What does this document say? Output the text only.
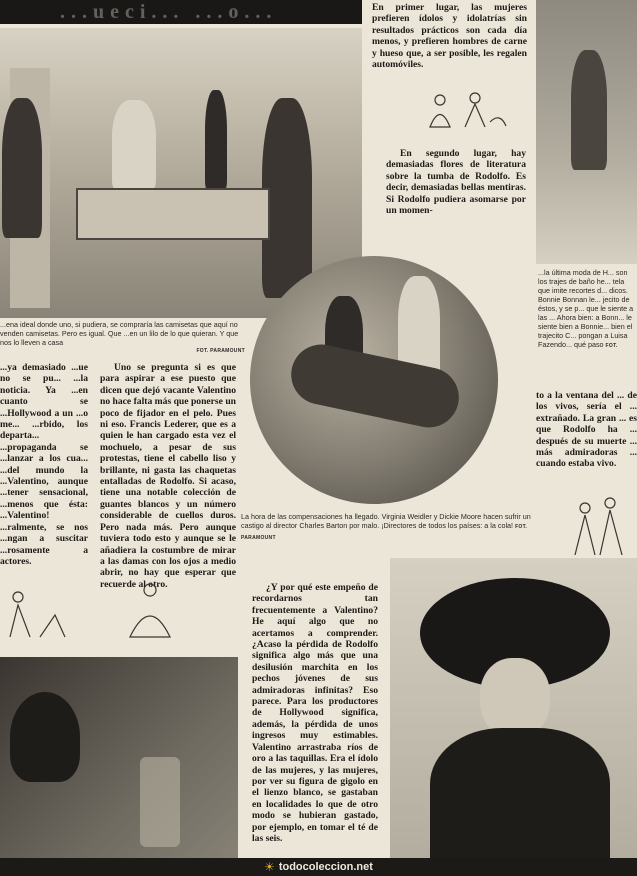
...ueci... ...o...
...ena ideal donde uno, si pudiera, se compraría las camisetas que aquí no venden camisetas. Pero es igual. Que ...en un lilo de lo que quieran. Y que nos lo lleven a casa
FOT. PARAMOUNT
...la última moda de H... son los trajes de baño he... tela que imite recortes d... dicos. Bonnie Bonnan le... jecito de éstos, y se p... que le siente a las ... Ahora bien: a Bonn... le siente bien a Bonnie... bien el trajecito C... pongan a Luisa Fazendo... qué paso FOT.
En primer lugar, las mujeres prefieren ídolos y idolatrías sin resultados prácticos son cada día menos, y prefieren hombres de carne y hueso que, a ser posible, les regalen automóviles.
En segundo lugar, hay demasiadas flores de literatura sobre la tumba de Rodolfo. Es decir, demasiadas bellas mentiras. Si Rodolfo pudiera asomarse por un momen-
La hora de las compensaciones ha llegado. Virginia Weidler y Dickie Moore hacen sufrir un castigo al director Charles Barton por malo. ¡Directores de todos los países: a la cola! FOT. PARAMOUNT
...ya demasiado ...ue no se pu... ...la noticia. Ya ...en cuanto se ...Hollywood a un ...o me... ...rbido, los departa... ...propaganda se ...lanzar a los cua... ...del mundo la ...Valentino, aunque ...tener sensacional, ...menos que ésta: ...Valentino! ...ralmente, se nos ...ngan a suscitar ...rosamente a actores.
Uno se pregunta si es que para aspirar a ese puesto que dicen que dejó vacante Valentino no hace falta más que ponerse un poco de fijador en el pelo. Pues ni eso. Francis Lederer, que es a quien le han cargado esta vez el mochuelo, a pesar de sus protestas, tiene el cabello liso y brillante, ni gasta las chaquetas entalladas de Rodolfo. Si acaso, tiene una notable colección de guantes blancos y un número considerable de cuellos duros. Pero nada más. Pero aunque tuviera todo esto y aunque se le añadiera la costumbre de mirar a las damas con los ojos a medio abrir, no hay que esperar que recuerde al otro.
to a la ventana del ... de los vivos, sería el ... extrañado. La gran ... es que Rodolfo ha ... después de su muerte ... más admiradoras ... cuando estaba vivo.
¿Y por qué este empeño de recordarnos tan frecuentemente a Valentino? He aquí algo que no acertamos a comprender. ¿Acaso la pérdida de Rodolfo significa algo más que una desilusión marchita en los pechos jóvenes de sus admiradoras infinitas? Eso parece. Para los productores de Hollywood significa, además, la pérdida de unos ingresos muy estimables. Valentino arrastraba ríos de oro a las taquillas. Era el ídolo de las mujeres, y las mujeres, por ver su figura de gigolo en el lienzo blanco, se gastaban en localidades lo que de otro modo se hubieran gastado, por ejemplo, en tomar el té de las seis.
☀ todocoleccion.net
